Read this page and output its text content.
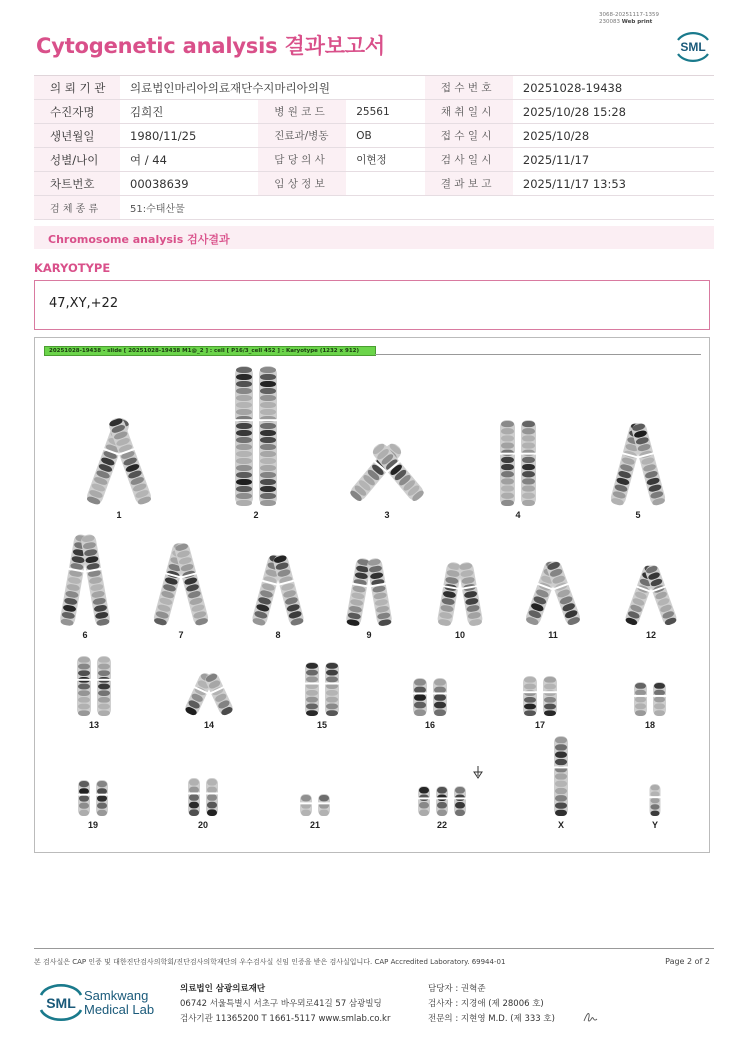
3068-20251117-1359
230083 Web print
SML
Cytogenetic analysis 결과보고서
의 뢰 기 관	의료법인마리아의료재단수지마리아의원			접 수 번 호	20251028-19438
수진자명	김희진	병 원 코 드	25561	채 취 일 시	2025/10/28 15:28
생년월일	1980/11/25	진료과/병동	OB	접 수 일 시	2025/10/28
성별/나이	여 / 44	담 당 의 사	이현정	검 사 일 시	2025/11/17
차트번호	00038639	임 상 정 보		결 과 보 고	2025/11/17 13:53
검 체 종 류	51:수태산물				
Chromosome analysis 검사결과
KARYOTYPE
47,XY,+22
20251028-19438 - slide [ 20251028-19438 M1@_2 ] : cell [ P16/3_cell 452 ] : Karyotype (1232 x 912)
1	2	3	4	5
6	7	8	9	10	11	12
13	14	15	16	17	18
19	20	21	22	X	Y
본 검사실은 CAP 인증 및 대한진단검사의학회/진단검사의학재단의 우수검사실 신임 인증을 받은 검사실입니다. CAP Accredited Laboratory. 69944-01	Page 2 of 2
SML Samkwang
Medical Lab
의료법인 삼광의료재단
06742 서울특별시 서초구 바우뫼로41길 57 삼광빌딩
검사기관 11365200 T 1661-5117 www.smlab.co.kr
담당자 : 권혁준
검사자 : 지경애 (제 28006 호)
전문의 : 지현영 M.D. (제 333 호)
